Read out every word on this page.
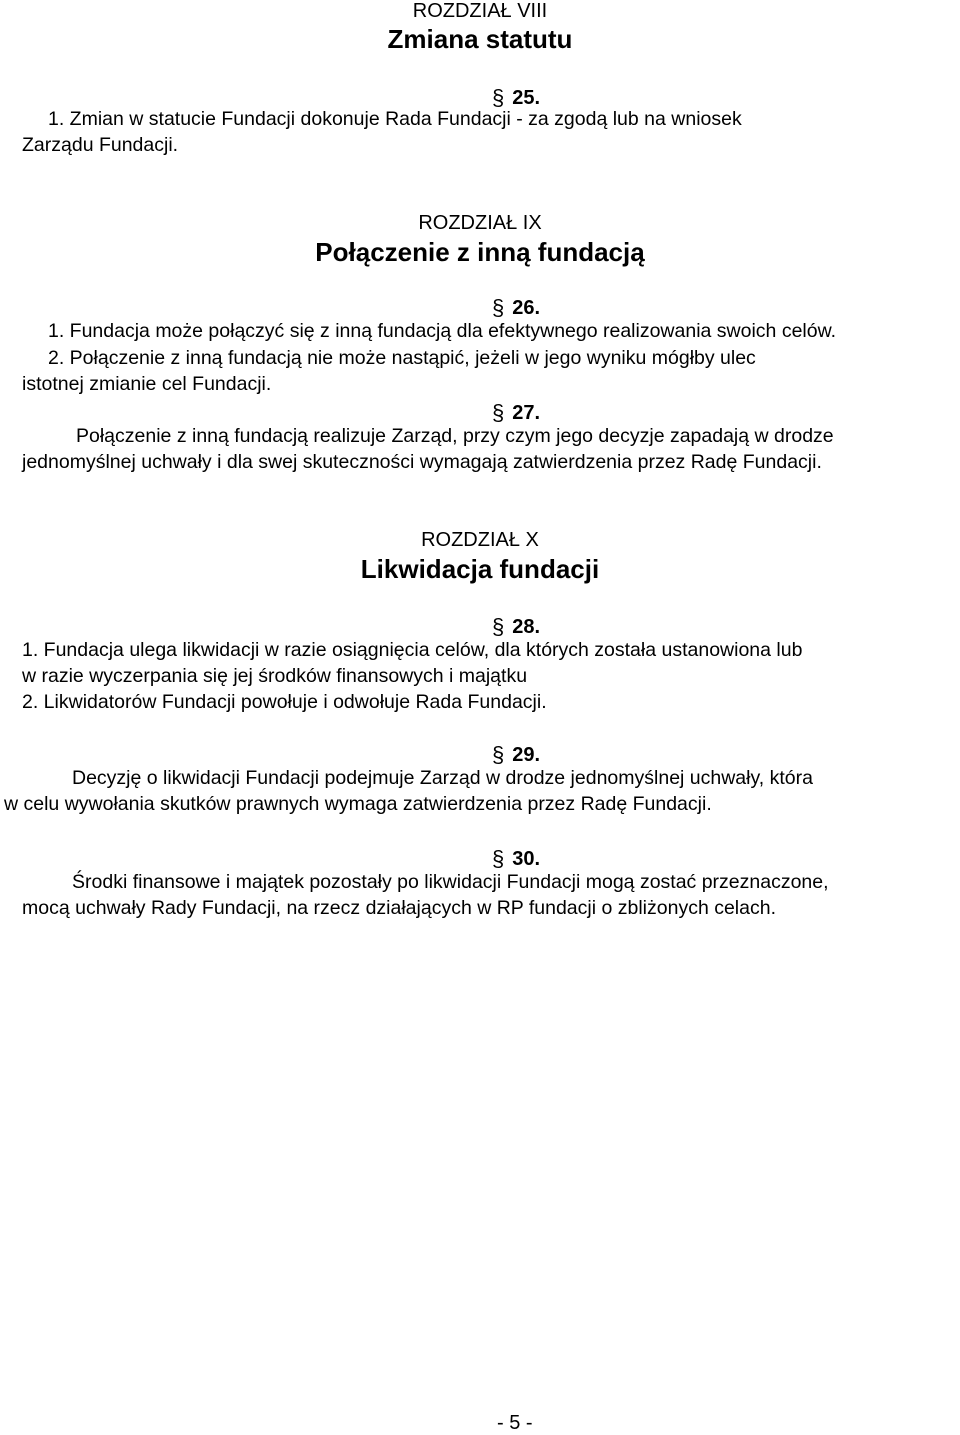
ROZDZIAŁ VIII
Zmiana statutu
§ 25.
1. Zmian w statucie Fundacji dokonuje Rada Fundacji - za zgodą lub na wniosek
Zarządu Fundacji.
ROZDZIAŁ IX
Połączenie z inną fundacją
§ 26.
1. Fundacja może połączyć się z inną fundacją dla efektywnego realizowania swoich celów.
2. Połączenie z inną fundacją nie może nastąpić, jeżeli w jego wyniku mógłby ulec
istotnej zmianie cel Fundacji.
§ 27.
Połączenie z inną fundacją realizuje Zarząd, przy czym jego decyzje zapadają w drodze
jednomyślnej uchwały i dla swej skuteczności wymagają zatwierdzenia przez Radę Fundacji.
ROZDZIAŁ X
Likwidacja fundacji
§ 28.
1. Fundacja ulega likwidacji w razie osiągnięcia celów, dla których została ustanowiona lub
w razie wyczerpania się jej środków finansowych i majątku
2. Likwidatorów Fundacji powołuje i odwołuje Rada Fundacji.
§ 29.
Decyzję o likwidacji Fundacji podejmuje Zarząd w drodze jednomyślnej uchwały, która
w celu wywołania skutków prawnych wymaga zatwierdzenia przez Radę Fundacji.
§ 30.
Środki finansowe i majątek pozostały po likwidacji Fundacji mogą zostać przeznaczone,
mocą uchwały Rady Fundacji, na rzecz działających w RP fundacji o zbliżonych celach.
- 5 -
